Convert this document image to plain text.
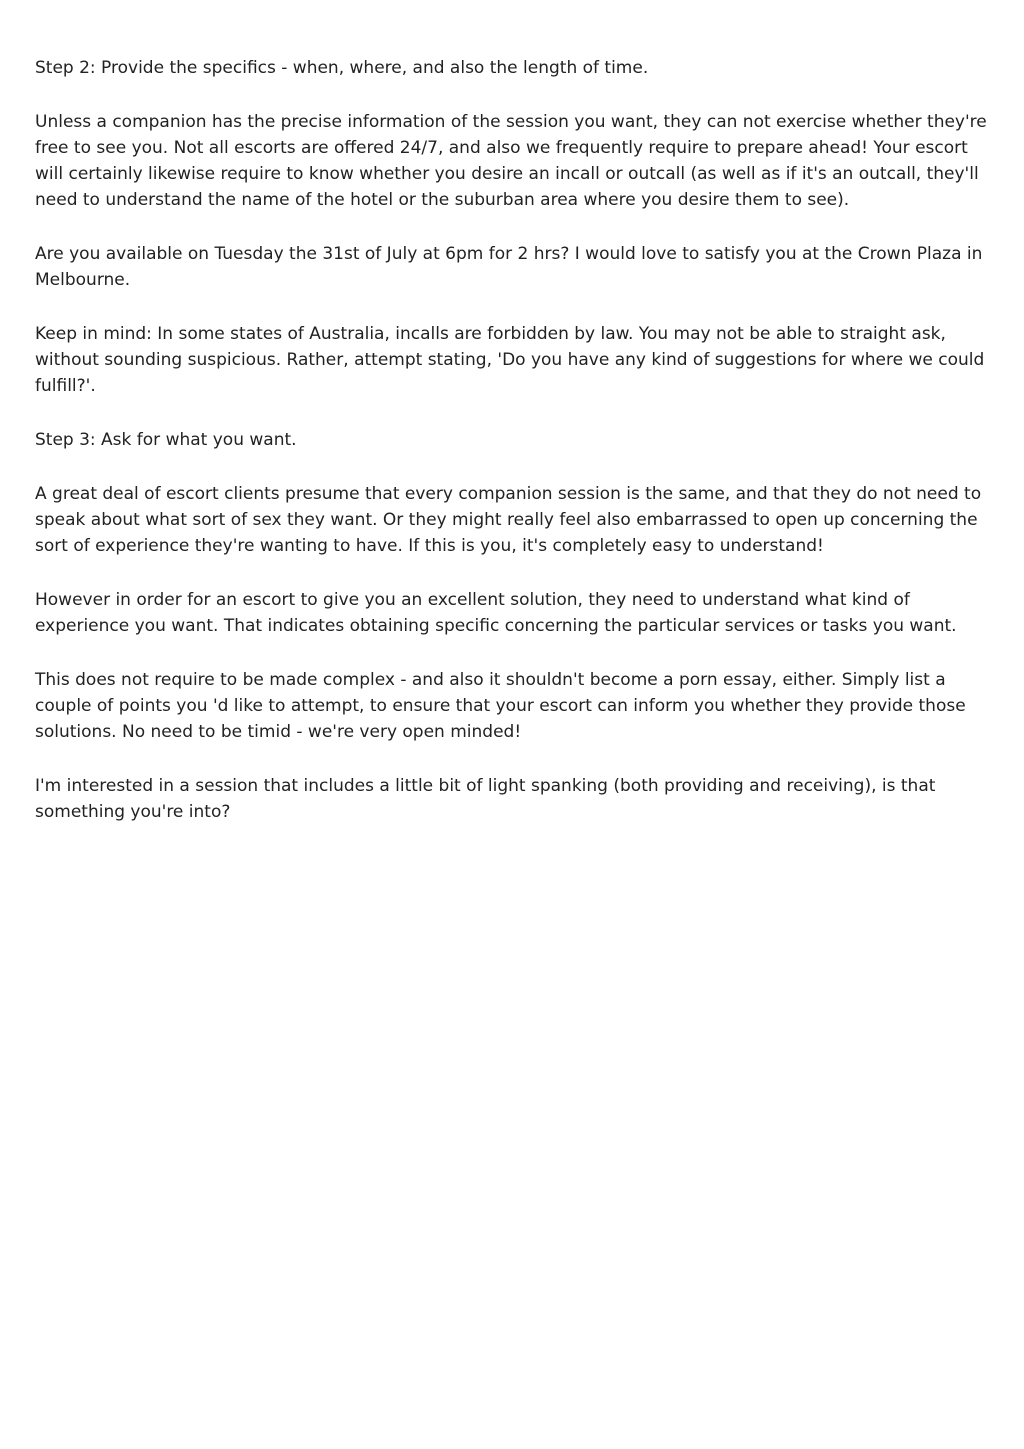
Step 2: Provide the specifics - when, where, and also the length of time.

Unless a companion has the precise information of the session you want, they can not exercise whether they're free to see you. Not all escorts are offered 24/7, and also we frequently require to prepare ahead! Your escort will certainly likewise require to know whether you desire an incall or outcall (as well as if it's an outcall, they'll need to understand the name of the hotel or the suburban area where you desire them to see).

Are you available on Tuesday the 31st of July at 6pm for 2 hrs? I would love to satisfy you at the Crown Plaza in Melbourne.

Keep in mind: In some states of Australia, incalls are forbidden by law. You may not be able to straight ask, without sounding suspicious. Rather, attempt stating, 'Do you have any kind of suggestions for where we could fulfill?'.

Step 3: Ask for what you want.

A great deal of escort clients presume that every companion session is the same, and that they do not need to speak about what sort of sex they want. Or they might really feel also embarrassed to open up concerning the sort of experience they're wanting to have. If this is you, it's completely easy to understand!

However in order for an escort to give you an excellent solution, they need to understand what kind of experience you want. That indicates obtaining specific concerning the particular services or tasks you want.

This does not require to be made complex - and also it shouldn't become a porn essay, either. Simply list a couple of points you 'd like to attempt, to ensure that your escort can inform you whether they provide those solutions. No need to be timid - we're very open minded!

I'm interested in a session that includes a little bit of light spanking (both providing and receiving), is that something you're into?
